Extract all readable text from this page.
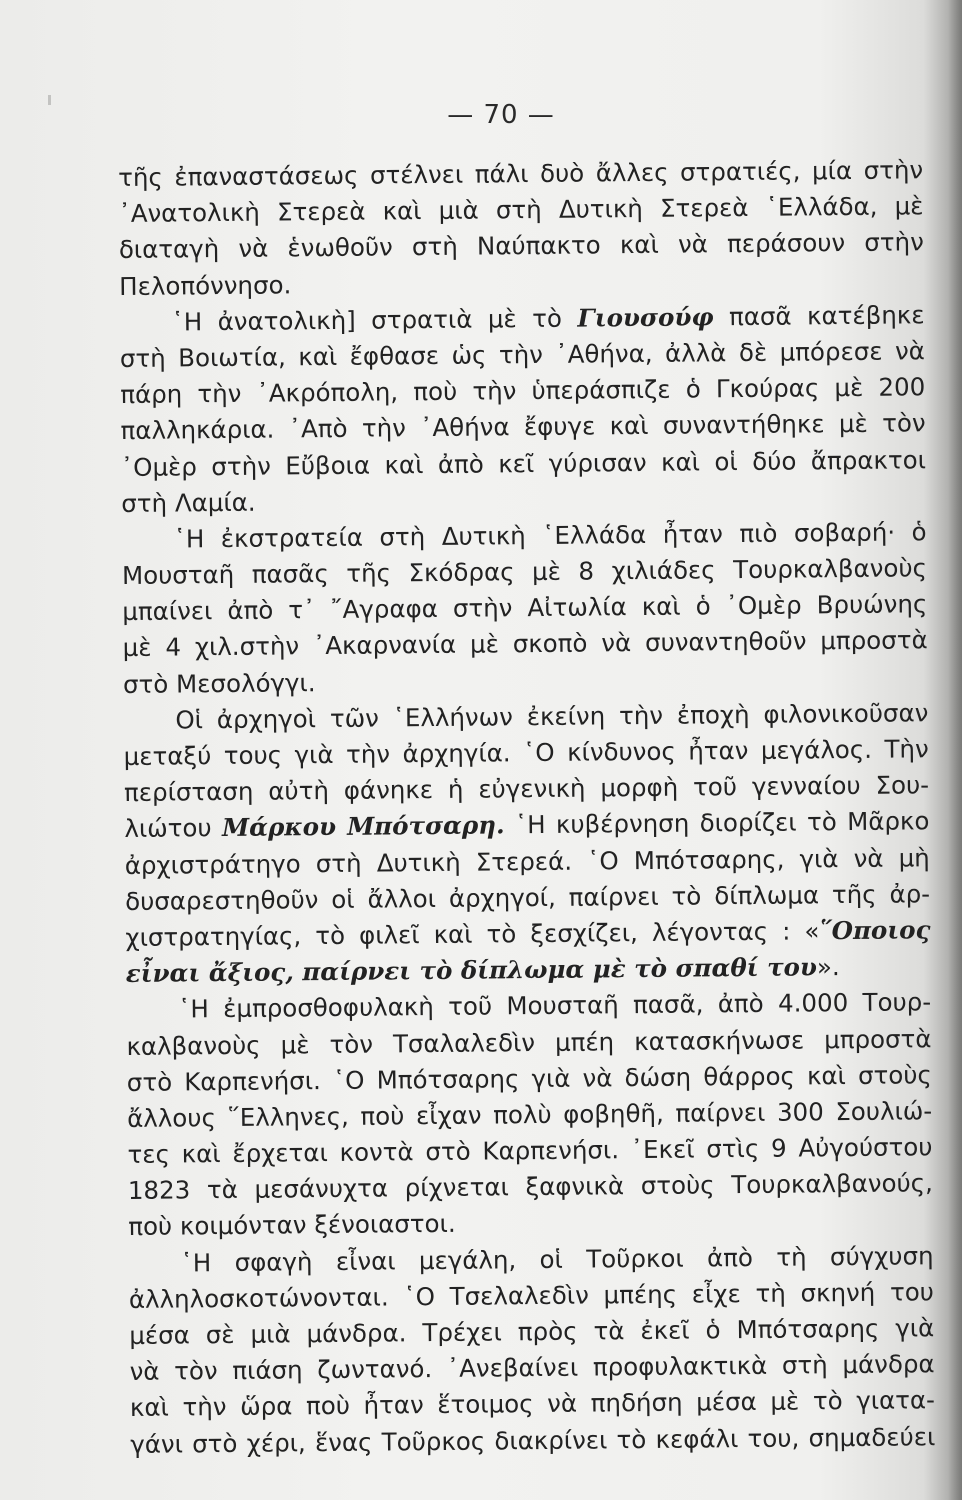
— 70 —
τῆς ἐπαναστάσεως στέλνει πάλι δυὸ ἄλλες στρατιές, μία στὴν
᾿Ανατολικὴ Στερεὰ καὶ μιὰ στὴ Δυτικὴ Στερεὰ ῾Ελλάδα, μὲ
διαταγὴ νὰ ἑνωθοῦν στὴ Ναύπακτο καὶ νὰ περάσουν στὴν
Πελοπόννησο.
῾Η ἀνατολικὴ] στρατιὰ μὲ τὸ Γιουσούφ πασᾶ κατέβηκε
στὴ Βοιωτία, καὶ ἔφθασε ὡς τὴν ᾿Αθήνα, ἀλλὰ δὲ μπόρεσε νὰ
πάρη τὴν ᾿Ακρόπολη, ποὺ τὴν ὑπεράσπιζε ὁ Γκούρας μὲ 200
παλληκάρια. ᾿Απὸ τὴν ᾿Αθήνα ἔφυγε καὶ συναντήθηκε μὲ τὸν
᾿Ομὲρ στὴν Εὔβοια καὶ ἀπὸ κεῖ γύρισαν καὶ οἱ δύο ἄπρακτοι
στὴ Λαμία.
῾Η ἐκστρατεία στὴ Δυτικὴ ῾Ελλάδα ἦταν πιὸ σοβαρή· ὁ
Μουσταῆ πασᾶς τῆς Σκόδρας μὲ 8 χιλιάδες Τουρκαλβανοὺς
μπαίνει ἀπὸ τ᾿ ῎Αγραφα στὴν Αἰτωλία καὶ ὁ ᾿Ομὲρ Βρυώνης
μὲ 4 χιλ.στὴν ᾿Ακαρνανία μὲ σκοπὸ νὰ συναντηθοῦν μπροστὰ
στὸ Μεσολόγγι.
Οἱ ἀρχηγοὶ τῶν ῾Ελλήνων ἐκείνη τὴν ἐποχὴ φιλονικοῦσαν
μεταξύ τους γιὰ τὴν ἀρχηγία. ῾Ο κίνδυνος ἦταν μεγάλος. Τὴν
περίσταση αὐτὴ φάνηκε ἡ εὐγενικὴ μορφὴ τοῦ γενναίου Σου-
λιώτου Μάρκου Μπότσαρη. ῾Η κυβέρνηση διορίζει τὸ Μᾶρκο
ἀρχιστράτηγο στὴ Δυτικὴ Στερεά. ῾Ο Μπότσαρης, γιὰ νὰ μὴ
δυσαρεστηθοῦν οἱ ἄλλοι ἀρχηγοί, παίρνει τὸ δίπλωμα τῆς ἀρ-
χιστρατηγίας, τὸ φιλεῖ καὶ τὸ ξεσχίζει, λέγοντας : «῞Οποιος
εἶναι ἄξιος, παίρνει τὸ δίπλωμα μὲ τὸ σπαθί του».
῾Η ἐμπροσθοφυλακὴ τοῦ Μουσταῆ πασᾶ, ἀπὸ 4.000 Τουρ-
καλβανοὺς μὲ τὸν Τσαλαλεδὶν μπέη κατασκήνωσε μπροστὰ
στὸ Καρπενήσι. ῾Ο Μπότσαρης γιὰ νὰ δώση θάρρος καὶ στοὺς
ἄλλους ῞Ελληνες, ποὺ εἶχαν πολὺ φοβηθῆ, παίρνει 300 Σουλιώ-
τες καὶ ἔρχεται κοντὰ στὸ Καρπενήσι. ᾿Εκεῖ στὶς 9 Αὐγούστου
1823 τὰ μεσάνυχτα ρίχνεται ξαφνικὰ στοὺς Τουρκαλβανούς,
ποὺ κοιμόνταν ξένοιαστοι.
῾Η σφαγὴ εἶναι μεγάλη, οἱ Τοῦρκοι ἀπὸ τὴ σύγχυση
ἀλληλοσκοτώνονται. ῾Ο Τσελαλεδὶν μπέης εἶχε τὴ σκηνή του
μέσα σὲ μιὰ μάνδρα. Τρέχει πρὸς τὰ ἐκεῖ ὁ Μπότσαρης γιὰ
νὰ τὸν πιάση ζωντανό. ᾿Ανεβαίνει προφυλακτικὰ στὴ μάνδρα
καὶ τὴν ὥρα ποὺ ἦταν ἕτοιμος νὰ πηδήση μέσα μὲ τὸ γιατα-
γάνι στὸ χέρι, ἕνας Τοῦρκος διακρίνει τὸ κεφάλι του, σημαδεύει
